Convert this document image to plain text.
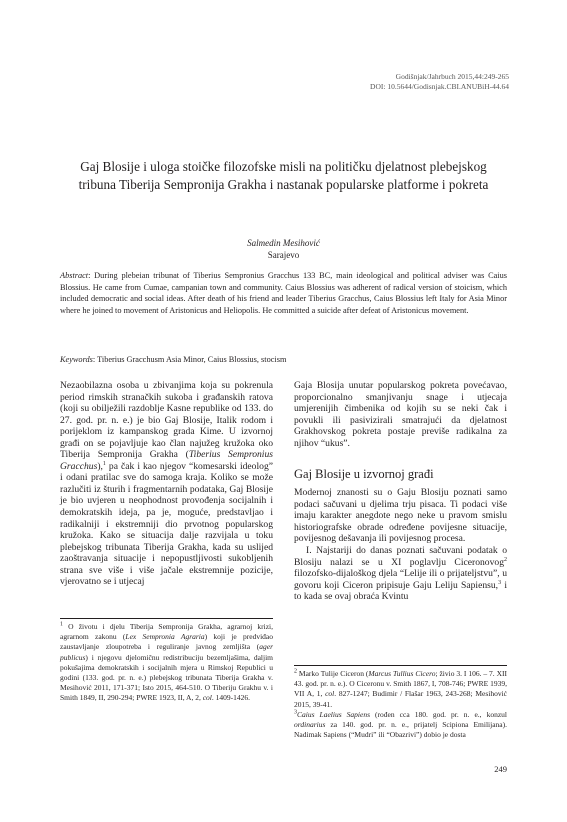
Godišnjak/Jahrbuch 2015,44:249-265
DOI: 10.5644/Godisnjak.CBI.ANUBiH-44.64
Gaj Blosije i uloga stoičke filozofske misli na političku djelatnost plebejskog tribuna Tiberija Sempronija Grakha i nastanak popularske platforme i pokreta
Salmedin Mesihović
Sarajevo
Abstract: During plebeian tribunat of Tiberius Sempronius Gracchus 133 BC, main ideological and political adviser was Caius Blossius. He came from Cumae, campanian town and community. Caius Blossius was adherent of radical version of stoicism, which included democratic and social ideas. After death of his friend and leader Tiberius Gracchus, Caius Blossius left Italy for Asia Minor where he joined to movement of Aristonicus and Heliopolis. He committed a suicide after defeat of Aristonicus movement.
Keywords: Tiberius Gracchusm Asia Minor, Caius Blossius, stocism

Nezaobilazna osoba u zbivanjima koja su pokrenula period rimskih stranačkih sukoba i građanskih ratova (koji su obilježili razdoblje Kasne republike od 133. do 27. god. pr. n. e.) je bio Gaj Blosije, Italik rodom i porijeklom iz kampanskog grada Kime. U izvornoj građi on se pojavljuje kao član najužeg kružoka oko Tiberija Sempronija Grakha (Tiberius Sempronius Gracchus),$^1$ pa čak i kao njegov “komesarski ideolog” i odani pratilac sve do samoga kraja. Koliko se može razlučiti iz šturih i fragmentarnih podataka, Gaj Blosije je bio uvjeren u neophodnost provođenja socijalnih i demokratskih ideja, pa je, moguće, predstavljao i radikalniji i ekstremniji dio prvotnog popularskog kružoka. Kako se situacija dalje razvijala u toku plebejskog tribunata Tiberija Grakha, kada su uslijed zaoštravanja situacije i nepopustljivosti sukobljenih strana sve više i više jačale ekstremnije pozicije, vjerovatno se i utjecaj

Gaja Blosija unutar popularskog pokreta povećavao, proporcionalno smanjivanju snage i utjecaja umjerenijih čimbenika od kojih su se neki čak i povukli ili pasivizirali smatrajući da djelatnost Grakhovskog pokreta postaje previše radikalna za njihov “ukus”.

Gaj Blosije u izvornoj građi

Modernoj znanosti su o Gaju Blosiju poznati samo podaci sačuvani u djelima trju pisaca. Ti podaci više imaju karakter anegdote nego neke u pravom smislu historiografske obrade određene povijesne situacije, povijesnog dešavanja ili povijesnog procesa.

I. Najstariji do danas poznati sačuvani podatak o Blosiju nalazi se u XI poglavlju Ciceronovog$^2$ filozofsko-dijaloškog djela “Lelije ili o prijateljstvu”, u govoru koji Ciceron pripisuje Gaju Leliju Sapiensu,$^3$ i to kada se ovaj obraća Kvintu

$^1$ O životu i djelu Tiberija Sempronija Grakha, agrarnoj krizi, agrarnom zakonu (Lex Sempronia Agraria) koji je predviđao zaustavljanje zloupotreba i reguliranje javnog zemljišta (ager publicus) i njegovu djelomičnu redistribuciju bezemljašima, daljim pokušajima demokratskih i socijalnih mjera u Rimskoj Republici u godini (133. god. pr. n. e.) plebejskog tribunata Tiberija Grakha v. Mesihović 2011, 171-371; Isto 2015, 464-510. O Tiberiju Grakhu v. i Smith 1849, II, 290-294; PWRE 1923, II, A, 2, col. 1409-1426.

$^2$ Marko Tulije Ciceron (Marcus Tullius Cicero; živio 3. I 106. – 7. XII 43. god. pr. n. e.). O Ciceronu v. Smith 1867, I, 708-746; PWRE 1939, VII A, 1, col. 827-1247; Budimir / Flašar 1963, 243-268; Mesihović 2015, 39-41.

$^3$Caius Laelius Sapiens (rođen cca 180. god. pr. n. e., konzul ordinarius za 140. god. pr. n. e., prijatelj Scipiona Emilijana). Nadimak Sapiens (“Mudri” ili “Obazrivi”) dobio je dosta

249
